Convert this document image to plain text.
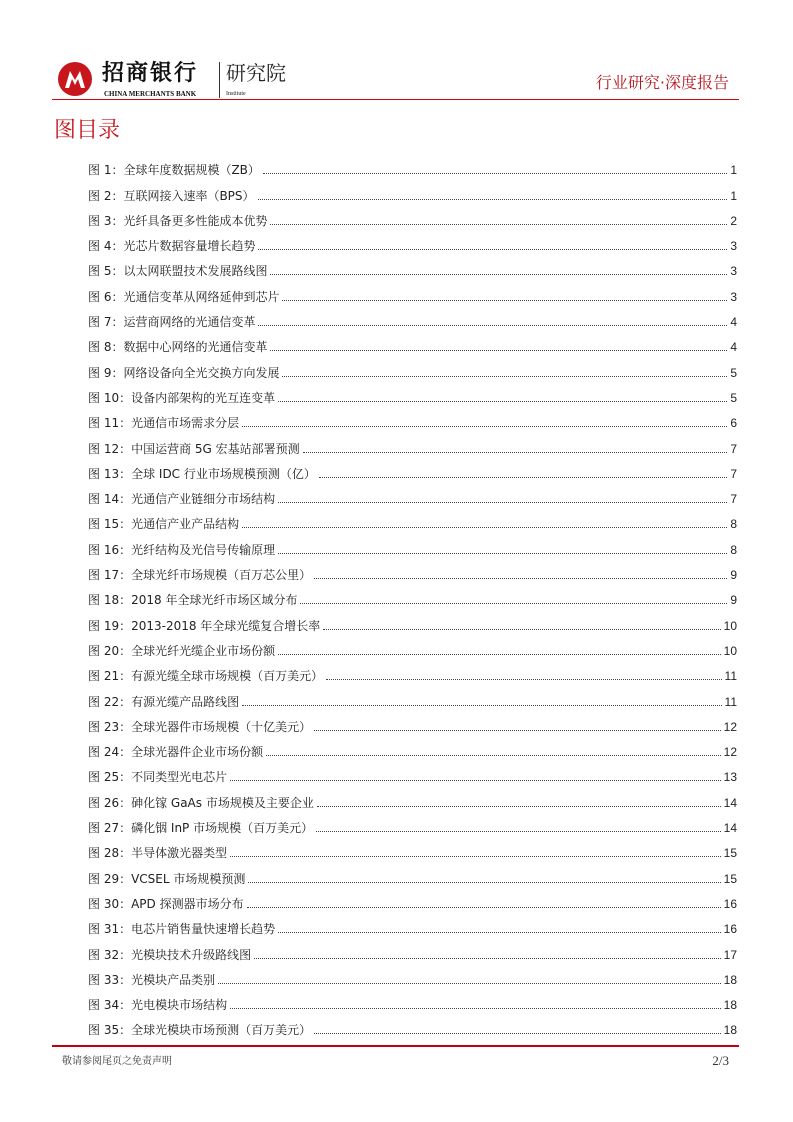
招商银行
CHINA MERCHANTS BANK
研究院
Institute
行业研究·深度报告
图目录
图 1：全球年度数据规模（ZB）	1
图 2：互联网接入速率（BPS）	1
图 3：光纤具备更多性能成本优势	2
图 4：光芯片数据容量增长趋势	3
图 5：以太网联盟技术发展路线图	3
图 6：光通信变革从网络延伸到芯片	3
图 7：运营商网络的光通信变革	4
图 8：数据中心网络的光通信变革	4
图 9：网络设备向全光交换方向发展	5
图 10：设备内部架构的光互连变革	5
图 11：光通信市场需求分层	6
图 12：中国运营商 5G 宏基站部署预测	7
图 13：全球 IDC 行业市场规模预测（亿）	7
图 14：光通信产业链细分市场结构	7
图 15：光通信产业产品结构	8
图 16：光纤结构及光信号传输原理	8
图 17：全球光纤市场规模（百万芯公里）	9
图 18：2018 年全球光纤市场区域分布	9
图 19：2013-2018 年全球光缆复合增长率	10
图 20：全球光纤光缆企业市场份额	10
图 21：有源光缆全球市场规模（百万美元）	11
图 22：有源光缆产品路线图	11
图 23：全球光器件市场规模（十亿美元）	12
图 24：全球光器件企业市场份额	12
图 25：不同类型光电芯片	13
图 26：砷化镓 GaAs 市场规模及主要企业	14
图 27：磷化铟 InP 市场规模（百万美元）	14
图 28：半导体激光器类型	15
图 29：VCSEL 市场规模预测	15
图 30：APD 探测器市场分布	16
图 31：电芯片销售量快速增长趋势	16
图 32：光模块技术升级路线图	17
图 33：光模块产品类别	18
图 34：光电模块市场结构	18
图 35：全球光模块市场预测（百万美元）	18
敬请参阅尾页之免责声明	2/3
